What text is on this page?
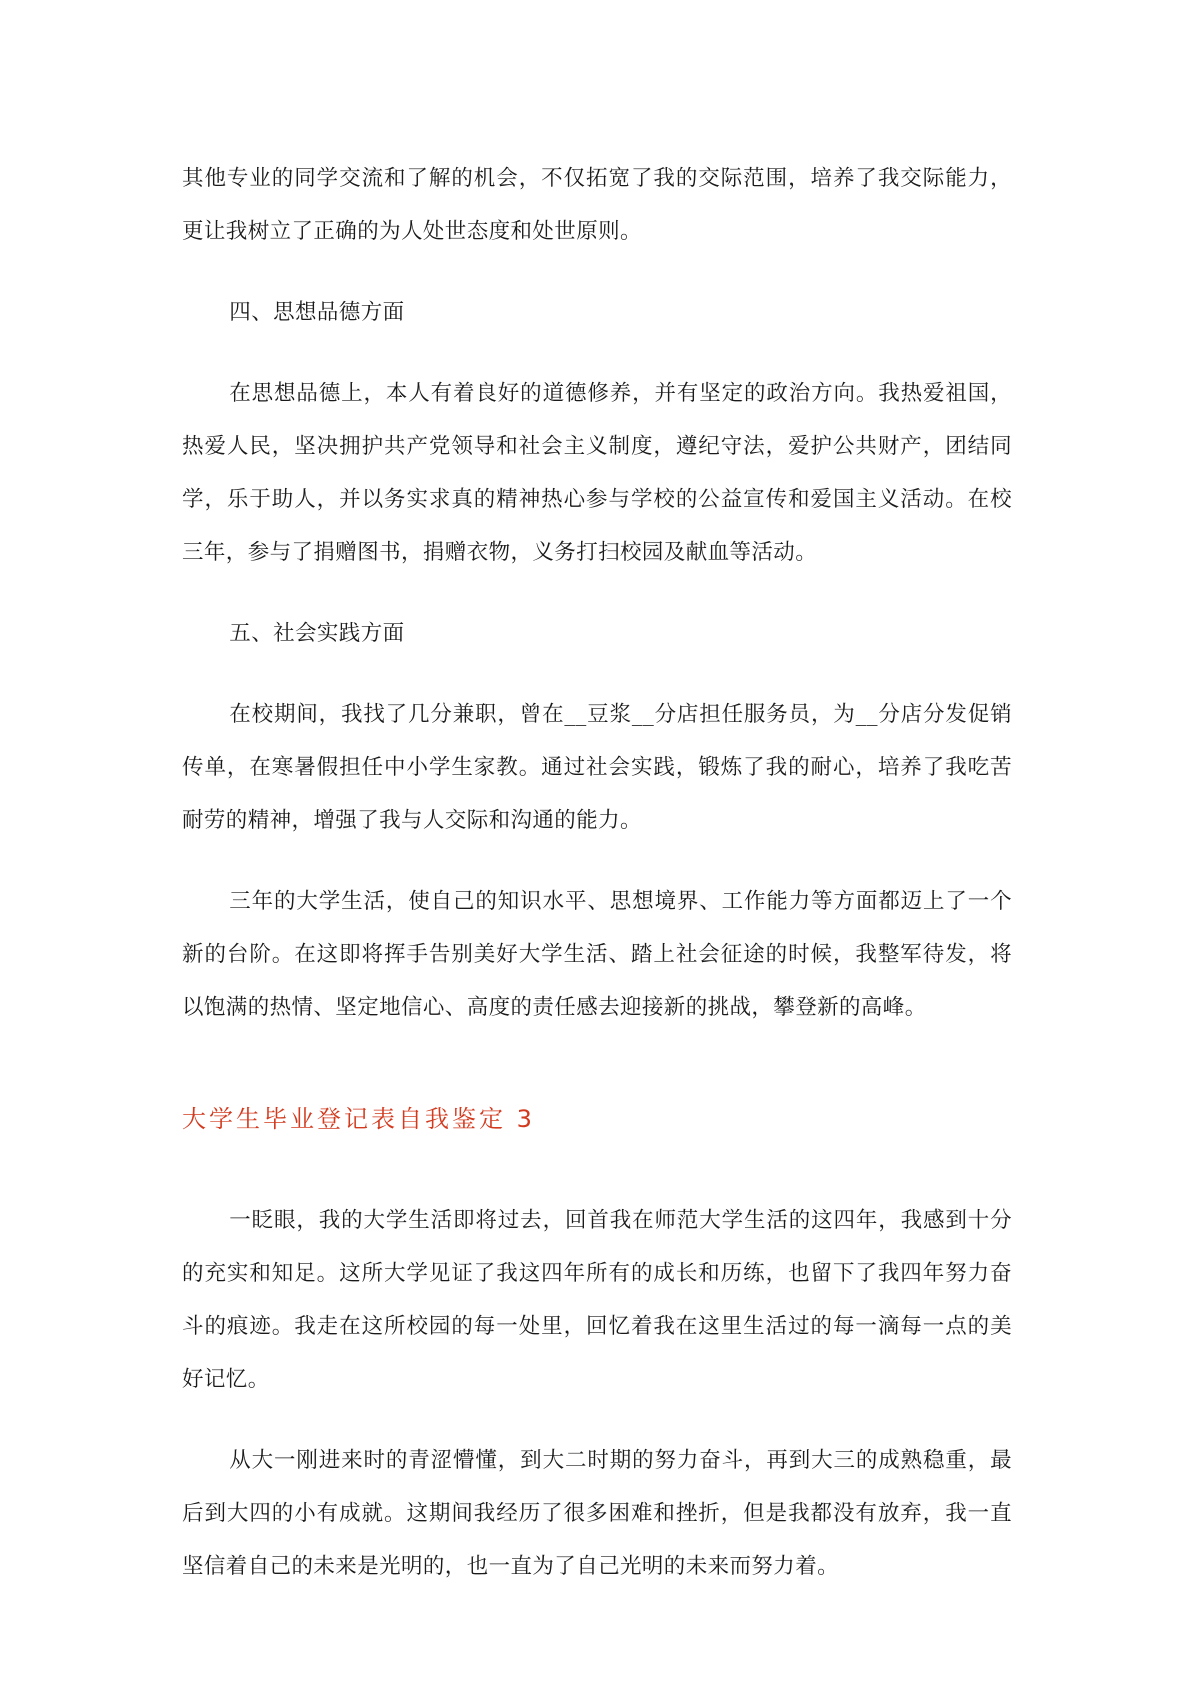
其他专业的同学交流和了解的机会，不仅拓宽了我的交际范围，培养了我交际能力，更让我树立了正确的为人处世态度和处世原则。

四、思想品德方面

在思想品德上，本人有着良好的道德修养，并有坚定的政治方向。我热爱祖国，热爱人民，坚决拥护共产党领导和社会主义制度，遵纪守法，爱护公共财产，团结同学，乐于助人，并以务实求真的精神热心参与学校的公益宣传和爱国主义活动。在校三年，参与了捐赠图书，捐赠衣物，义务打扫校园及献血等活动。

五、社会实践方面

在校期间，我找了几分兼职，曾在__豆浆__分店担任服务员，为__分店分发促销传单，在寒暑假担任中小学生家教。通过社会实践，锻炼了我的耐心，培养了我吃苦耐劳的精神，增强了我与人交际和沟通的能力。

三年的大学生活，使自己的知识水平、思想境界、工作能力等方面都迈上了一个新的台阶。在这即将挥手告别美好大学生活、踏上社会征途的时候，我整军待发，将以饱满的热情、坚定地信心、高度的责任感去迎接新的挑战，攀登新的高峰。

大学生毕业登记表自我鉴定 3

一眨眼，我的大学生活即将过去，回首我在师范大学生活的这四年，我感到十分的充实和知足。这所大学见证了我这四年所有的成长和历练，也留下了我四年努力奋斗的痕迹。我走在这所校园的每一处里，回忆着我在这里生活过的每一滴每一点的美好记忆。

从大一刚进来时的青涩懵懂，到大二时期的努力奋斗，再到大三的成熟稳重，最后到大四的小有成就。这期间我经历了很多困难和挫折，但是我都没有放弃，我一直坚信着自己的未来是光明的，也一直为了自己光明的未来而努力着。
